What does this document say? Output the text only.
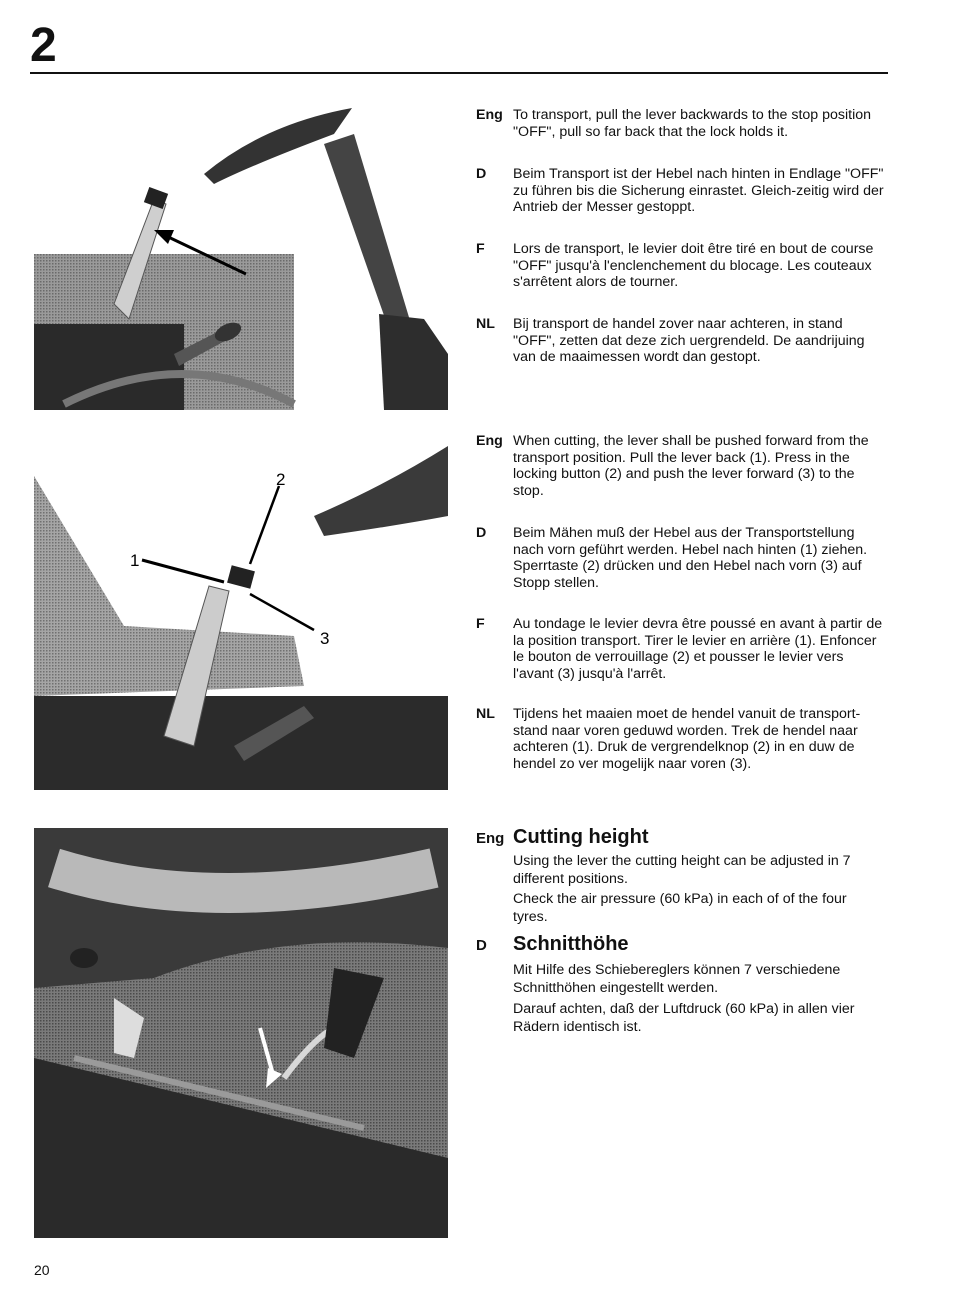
2
1
2
3
Eng To transport, pull the lever backwards to the stop position "OFF", pull so far back that the lock holds it.
D Beim Transport ist der Hebel nach hinten in Endlage "OFF" zu führen bis die Sicherung einrastet. Gleich-zeitig wird der Antrieb der Messer gestoppt.
F Lors de transport, le levier doit être tiré en bout de course "OFF" jusqu'à l'enclenchement du blocage. Les couteaux s'arrêtent alors de tourner.
NL Bij transport de handel zover naar achteren, in stand "OFF", zetten dat deze zich uergrendeld. De aandrijuing van de maaimessen wordt dan gestopt.
Eng When cutting, the lever shall be pushed forward from the transport position. Pull the lever back (1). Press in the locking button (2) and push the lever forward (3) to the stop.
D Beim Mähen muß der Hebel aus der Transportstellung nach vorn geführt werden. Hebel nach hinten (1) ziehen. Sperrtaste (2) drücken und den Hebel nach vorn (3) auf Stopp stellen.
F Au tondage le levier devra être poussé en avant à partir de la position transport. Tirer le levier en arrière (1). Enfoncer le bouton de verrouillage (2) et pousser le levier vers l'avant (3) jusqu'à l'arrêt.
NL Tijdens het maaien moet de hendel vanuit de transport-stand naar voren geduwd worden. Trek de hendel naar achteren (1). Druk de vergrendelknop (2) in en duw de hendel zo ver mogelijk naar voren (3).
Eng Cutting height
Using the lever the cutting height can be adjusted in 7 different positions.
Check the air pressure (60 kPa) in each of of the four tyres.
D Schnitthöhe
Mit Hilfe des Schiebereglers können 7 verschiedene Schnitthöhen eingestellt werden.
Darauf achten, daß der Luftdruck (60 kPa) in allen vier Rädern identisch ist.
20
